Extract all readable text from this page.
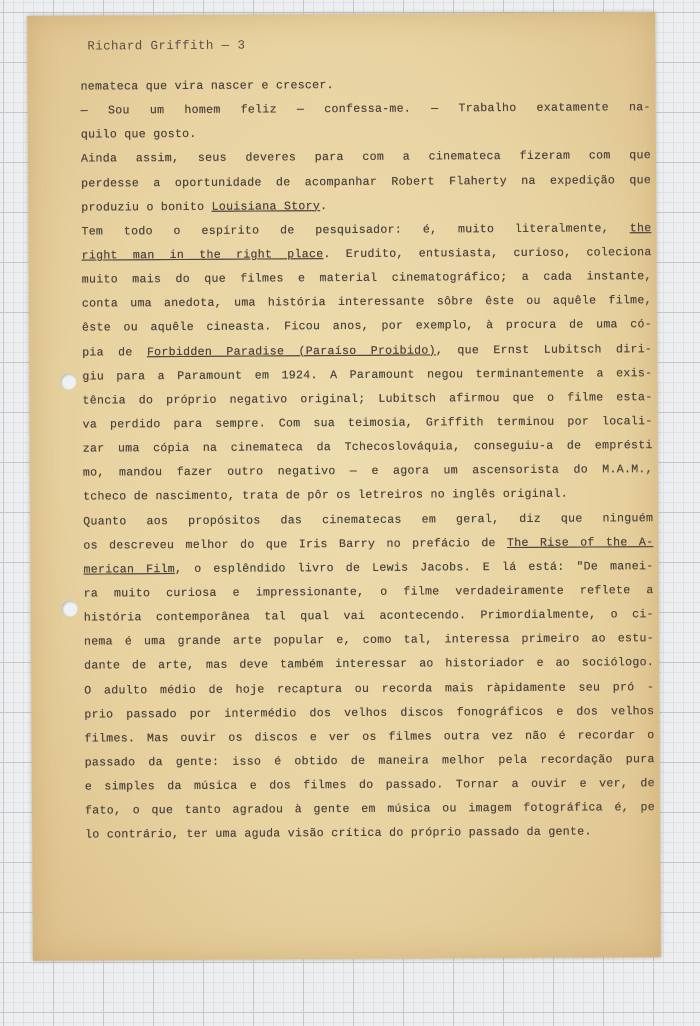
Richard Griffith — 3
nemateca que vira nascer e crescer.
— Sou um homem feliz — confessa-me. — Trabalho exatamente na-
quilo que gosto.
Ainda assim, seus deveres para com a cinemateca fizeram com que
perdesse a oportunidade de acompanhar Robert Flaherty na expedição que
produziu o bonito Louisiana Story.
Tem todo o espírito de pesquisador: é, muito literalmente, the
right man in the right place. Erudito, entusiasta, curioso, coleciona
muito mais do que filmes e material cinematográfico; a cada instante,
conta uma anedota, uma história interessante sôbre êste ou aquêle filme,
êste ou aquêle cineasta. Ficou anos, por exemplo, à procura de uma có-
pia de Forbidden Paradise (Paraíso Proibido), que Ernst Lubitsch diri-
giu para a Paramount em 1924. A Paramount negou terminantemente a exis-
tência do próprio negativo original; Lubitsch afirmou que o filme esta-
va perdido para sempre. Com sua teimosia, Griffith terminou por locali-
zar uma cópia na cinemateca da Tchecoslováquia, conseguiu-a de emprésti
mo, mandou fazer outro negativo — e agora um ascensorista do M.A.M.,
tcheco de nascimento, trata de pôr os letreiros no inglês original.
Quanto aos propósitos das cinematecas em geral, diz que ninguém
os descreveu melhor do que Iris Barry no prefácio de The Rise of the A-
merican Film, o esplêndido livro de Lewis Jacobs. E lá está: "De manei-
ra muito curiosa e impressionante, o filme verdadeiramente reflete a
história contemporânea tal qual vai acontecendo. Primordialmente, o ci-
nema é uma grande arte popular e, como tal, interessa primeiro ao estu-
dante de arte, mas deve também interessar ao historiador e ao sociólogo.
O adulto médio de hoje recaptura ou recorda mais ràpidamente seu pró -
prio passado por intermédio dos velhos discos fonográficos e dos velhos
filmes. Mas ouvir os discos e ver os filmes outra vez não é recordar o
passado da gente: isso é obtido de maneira melhor pela recordação pura
e simples da música e dos filmes do passado. Tornar a ouvir e ver, de
fato, o que tanto agradou à gente em música ou imagem fotográfica é, pe
lo contrário, ter uma aguda visão crítica do próprio passado da gente.
